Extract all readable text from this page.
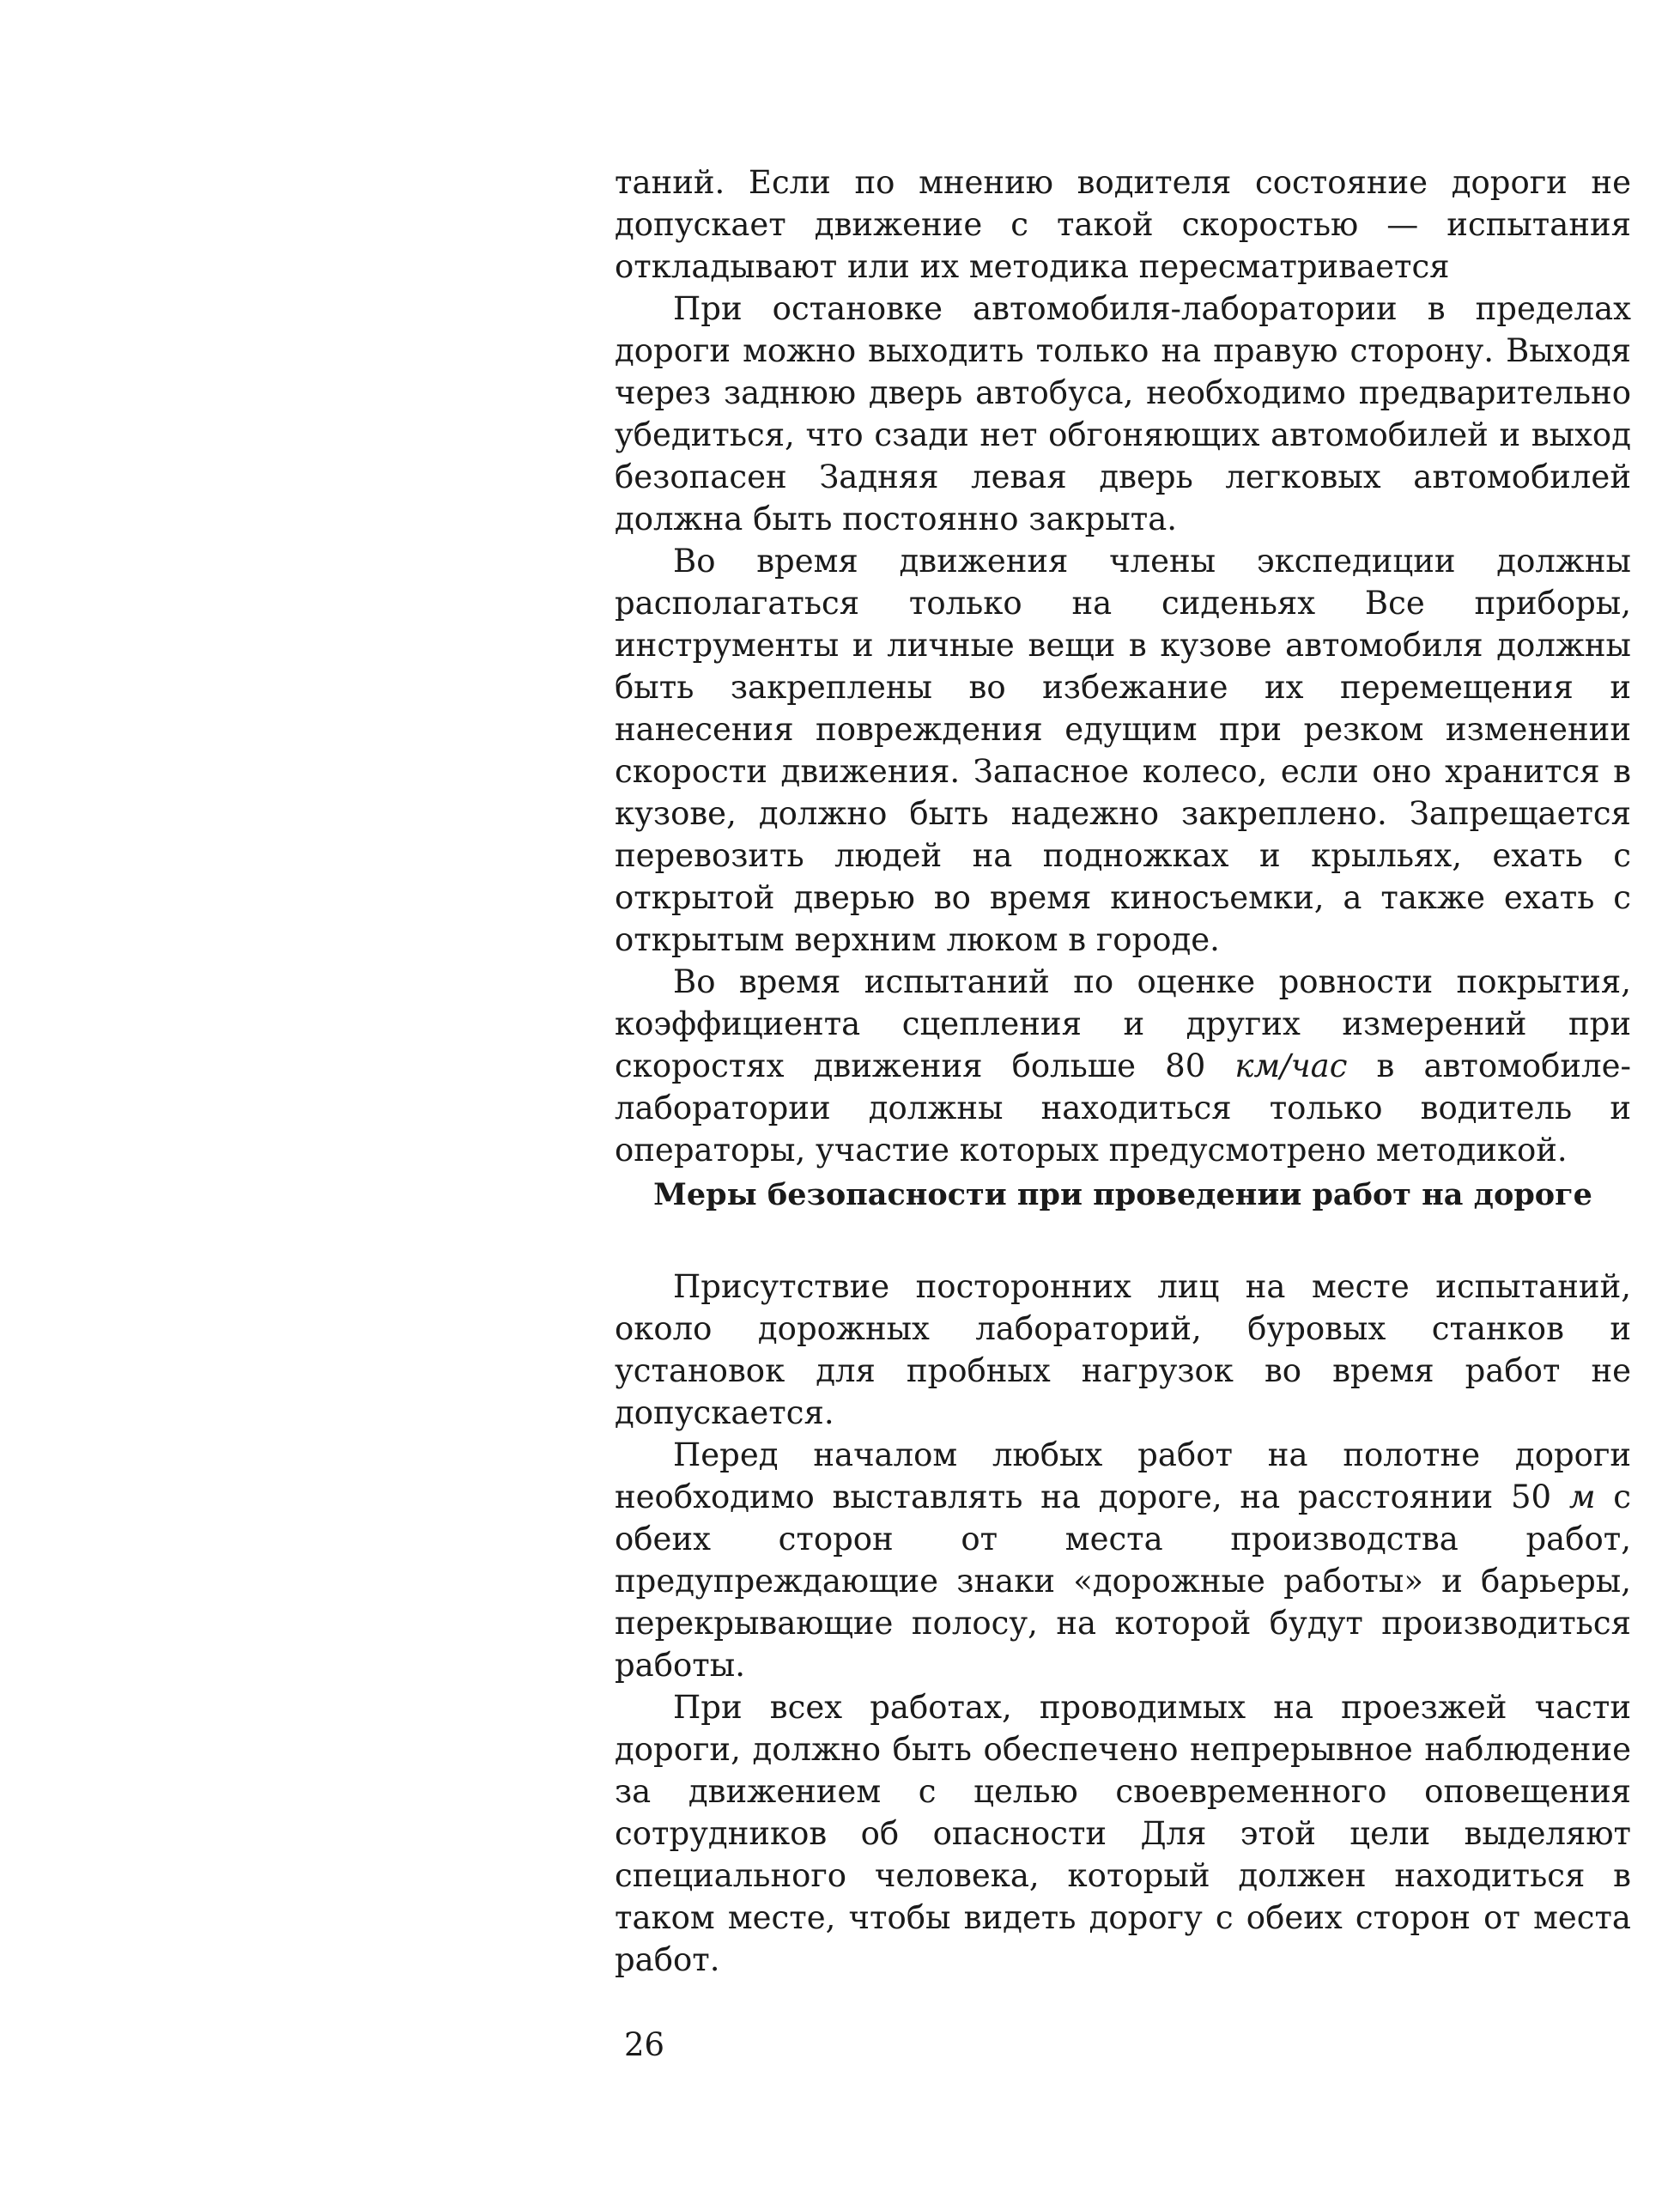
таний. Если по мнению водителя состояние дороги не допускает движение с такой скоростью — испытания откладывают или их методика пересматривается

При остановке автомобиля-лаборатории в пределах дороги можно выходить только на правую сторону. Выходя через заднюю дверь автобуса, необходимо предварительно убедиться, что сзади нет обгоняющих автомобилей и выход безопасен Задняя левая дверь легковых автомобилей должна быть постоянно закрыта.

Во время движения члены экспедиции должны располагаться только на сиденьях Все приборы, инструменты и личные вещи в кузове автомобиля должны быть закреплены во избежание их перемещения и нанесения повреждения едущим при резком изменении скорости движения. Запасное колесо, если оно хранится в кузове, должно быть надежно закреплено. Запрещается перевозить людей на подножках и крыльях, ехать с открытой дверью во время киносъемки, а также ехать с открытым верхним люком в городе.

Во время испытаний по оценке ровности покрытия, коэффициента сцепления и других измерений при скоростях движения больше 80 км/час в автомобиле-лаборатории должны находиться только водитель и операторы, участие которых предусмотрено методикой.

Меры безопасности при проведении работ на дороге

Присутствие посторонних лиц на месте испытаний, около дорожных лабораторий, буровых станков и установок для пробных нагрузок во время работ не допускается.

Перед началом любых работ на полотне дороги необходимо выставлять на дороге, на расстоянии 50 м с обеих сторон от места производства работ, предупреждающие знаки «дорожные работы» и барьеры, перекрывающие полосу, на которой будут производиться работы.

При всех работах, проводимых на проезжей части дороги, должно быть обеспечено непрерывное наблюдение за движением с целью своевременного оповещения сотрудников об опасности Для этой цели выделяют специального человека, который должен находиться в таком месте, чтобы видеть дорогу с обеих сторон от места работ.

26
